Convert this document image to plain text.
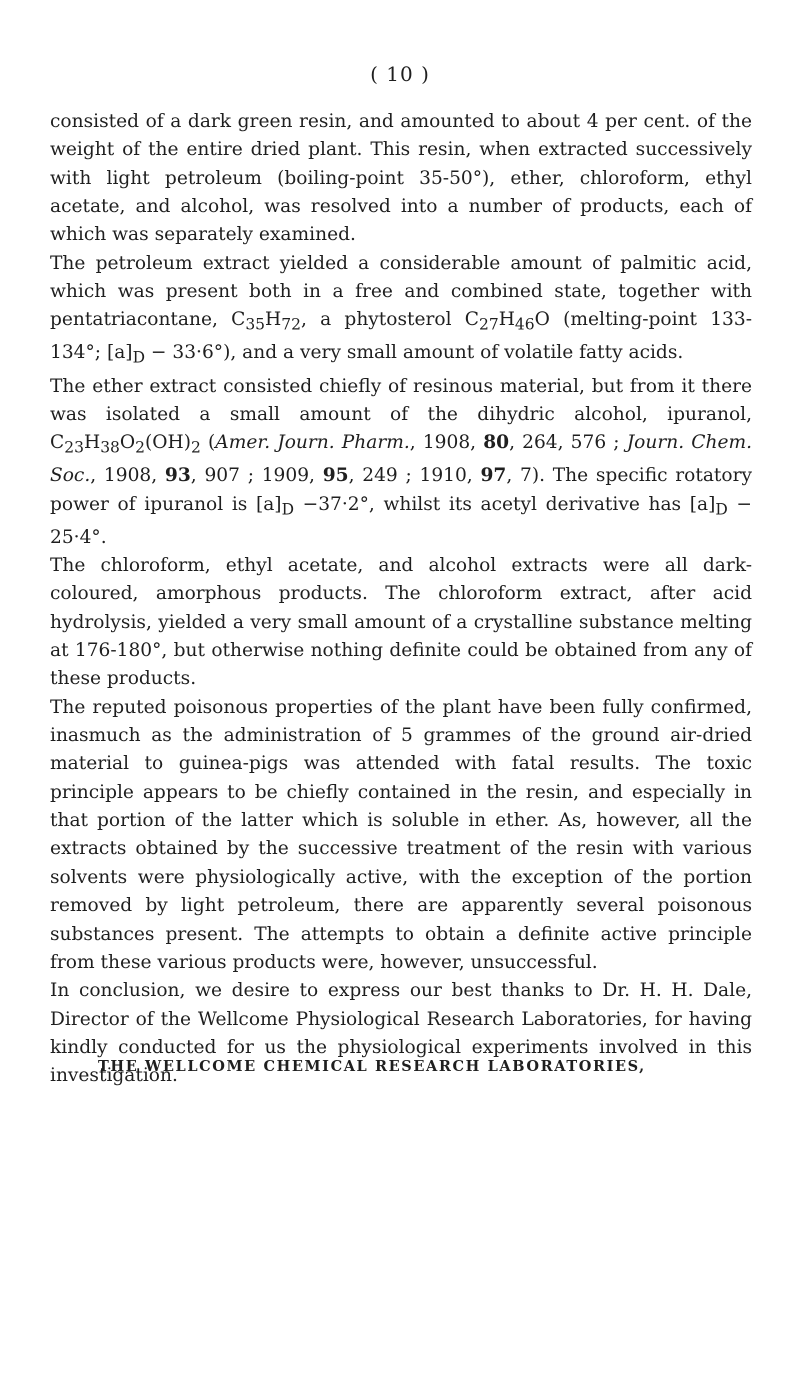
( 10 )

consisted of a dark green resin, and amounted to about 4 per cent. of the weight of the entire dried plant. This resin, when extracted successively with light petroleum (boiling-point 35-50°), ether, chloroform, ethyl acetate, and alcohol, was resolved into a number of products, each of which was separately examined.

The petroleum extract yielded a considerable amount of palmitic acid, which was present both in a free and combined state, together with pentatriacontane, $C_{35}H_{72}$, a phytosterol $C_{27}H_{46}O$ (melting-point 133-134°; $[a]_D - 33\cdot 6^\circ$), and a very small amount of volatile fatty acids.

The ether extract consisted chiefly of resinous material, but from it there was isolated a small amount of the dihydric alcohol, ipuranol, $C_{23}H_{38}O_2(OH)_2$ (Amer. Journ. Pharm., 1908, 80, 264, 576 ; Journ. Chem. Soc., 1908, 93, 907 ; 1909, 95, 249 ; 1910, 97, 7). The specific rotatory power of ipuranol is $[a]_D -37\cdot 2^\circ$, whilst its acetyl derivative has $[a]_D - 25\cdot 4^\circ$.

The chloroform, ethyl acetate, and alcohol extracts were all dark-coloured, amorphous products. The chloroform extract, after acid hydrolysis, yielded a very small amount of a crystalline substance melting at 176-180°, but otherwise nothing definite could be obtained from any of these products.

The reputed poisonous properties of the plant have been fully confirmed, inasmuch as the administration of 5 grammes of the ground air-dried material to guinea-pigs was attended with fatal results. The toxic principle appears to be chiefly contained in the resin, and especially in that portion of the latter which is soluble in ether. As, however, all the extracts obtained by the successive treatment of the resin with various solvents were physiologically active, with the exception of the portion removed by light petroleum, there are apparently several poisonous substances present. The attempts to obtain a definite active principle from these various products were, however, unsuccessful.

In conclusion, we desire to express our best thanks to Dr. H. H. Dale, Director of the Wellcome Physiological Research Laboratories, for having kindly conducted for us the physiological experiments involved in this investigation.

THE WELLCOME CHEMICAL RESEARCH LABORATORIES,
